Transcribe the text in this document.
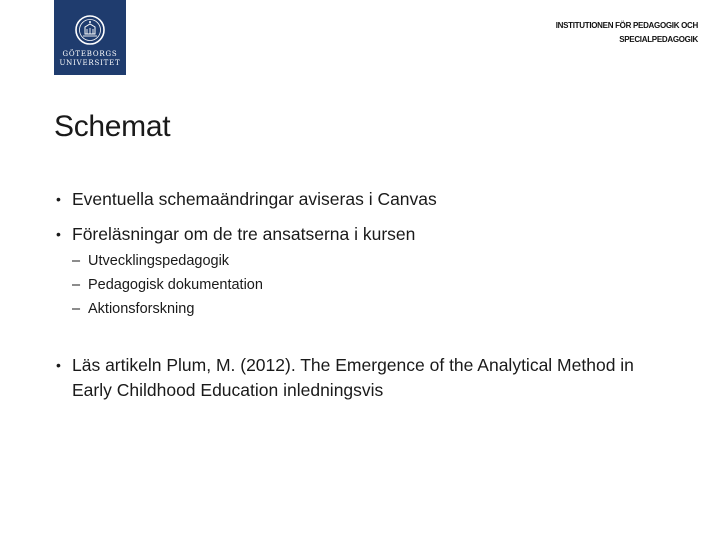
GÖTEBORGS
UNIVERSITET
INSTITUTIONEN FÖR PEDAGOGIK OCH
SPECIALPEDAGOGIK
Schemat
• Eventuella schemaändringar aviseras i Canvas
• Föreläsningar om de tre ansatserna i kursen
– Utvecklingspedagogik
– Pedagogisk dokumentation
– Aktionsforskning
• Läs artikeln Plum, M. (2012). The Emergence of the Analytical Method in Early Childhood Education inledningsvis
